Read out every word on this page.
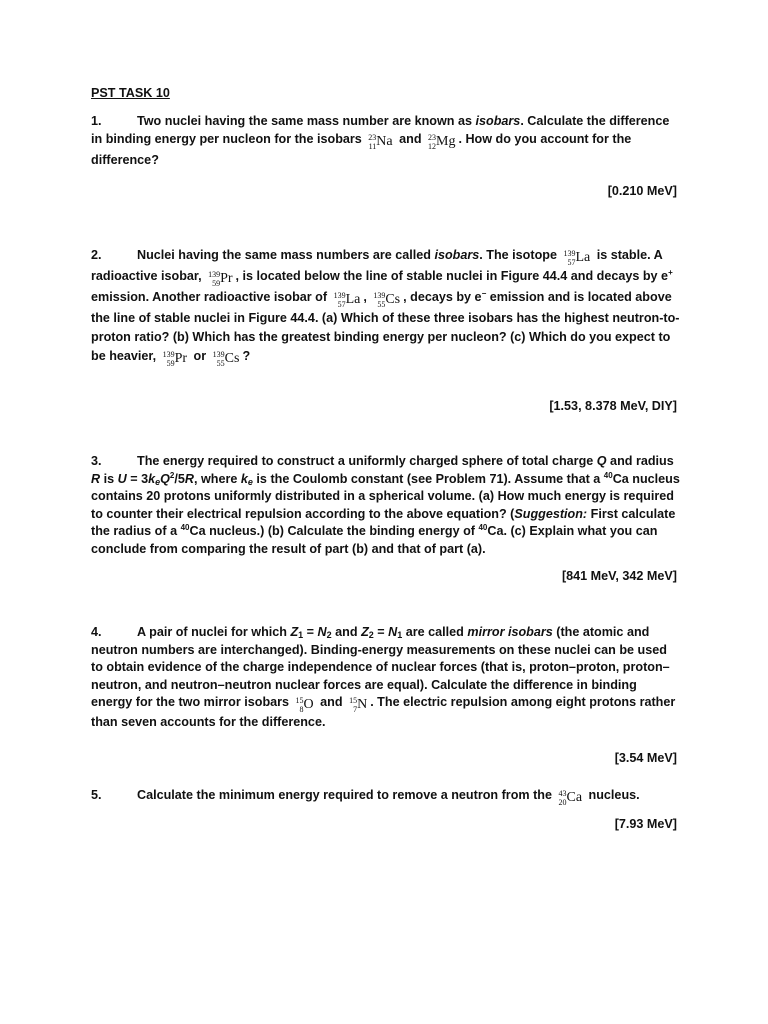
PST TASK 10
1.	Two nuclei having the same mass number are known as isobars. Calculate the difference in binding energy per nucleon for the isobars 23
11 Na and 23
12 Mg . How do you account for the difference?
[0.210 MeV]
2.	Nuclei having the same mass numbers are called isobars. The isotope 139
57 La is stable. A radioactive isobar, 139
59 Pr , is located below the line of stable nuclei in Figure 44.4 and decays by e+ emission. Another radioactive isobar of 139
57 La , 139
55 Cs , decays by e− emission and is located above the line of stable nuclei in Figure 44.4. (a) Which of these three isobars has the highest neutron-to-proton ratio? (b) Which has the greatest binding energy per nucleon? (c) Which do you expect to be heavier, 139
59 Pr or 139
55 Cs ?
[1.53, 8.378 MeV, DIY]
3.	The energy required to construct a uniformly charged sphere of total charge Q and radius R is $U = 3k_eQ^2/5R$, where $k_e$ is the Coulomb constant (see Problem 71). Assume that a $^{40}$Ca nucleus contains 20 protons uniformly distributed in a spherical volume. (a) How much energy is required to counter their electrical repulsion according to the above equation? (Suggestion: First calculate the radius of a $^{40}$Ca nucleus.) (b) Calculate the binding energy of $^{40}$Ca. (c) Explain what you can conclude from comparing the result of part (b) and that of part (a).
[841 MeV, 342 MeV]
4.	A pair of nuclei for which $Z_1 = N_2$ and $Z_2 = N_1$ are called mirror isobars (the atomic and neutron numbers are interchanged). Binding-energy measurements on these nuclei can be used to obtain evidence of the charge independence of nuclear forces (that is, proton–proton, proton–neutron, and neutron–neutron nuclear forces are equal). Calculate the difference in binding energy for the two mirror isobars 15
8 O and 15
7 N . The electric repulsion among eight protons rather than seven accounts for the difference.
[3.54 MeV]
5.	Calculate the minimum energy required to remove a neutron from the 43
20 Ca nucleus.
[7.93 MeV]
